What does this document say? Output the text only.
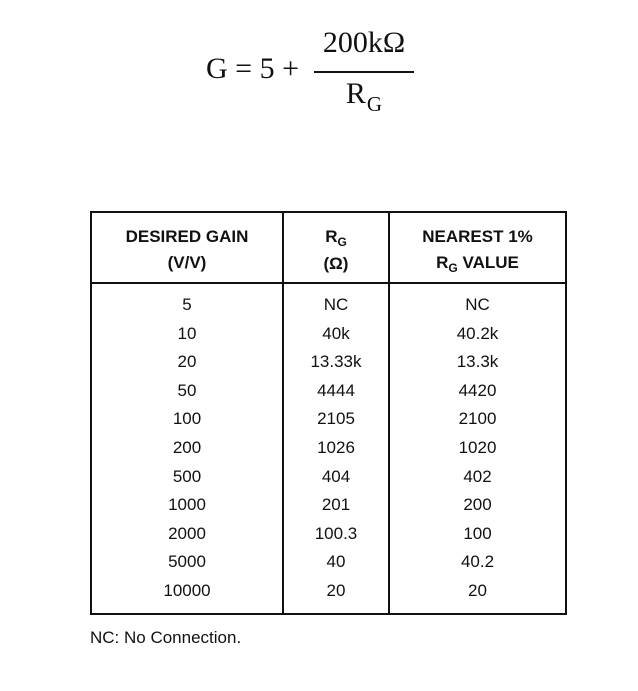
G = 5 +
200kΩ
$R_G$
DESIRED GAIN
(V/V)
$R_G$
(Ω)
NEAREST 1%
$R_G$ VALUE
5
10
20
50
100
200
500
1000
2000
5000
10000
NC
40k
13.33k
4444
2105
1026
404
201
100.3
40
20
NC
40.2k
13.3k
4420
2100
1020
402
200
100
40.2
20
NC: No Connection.
